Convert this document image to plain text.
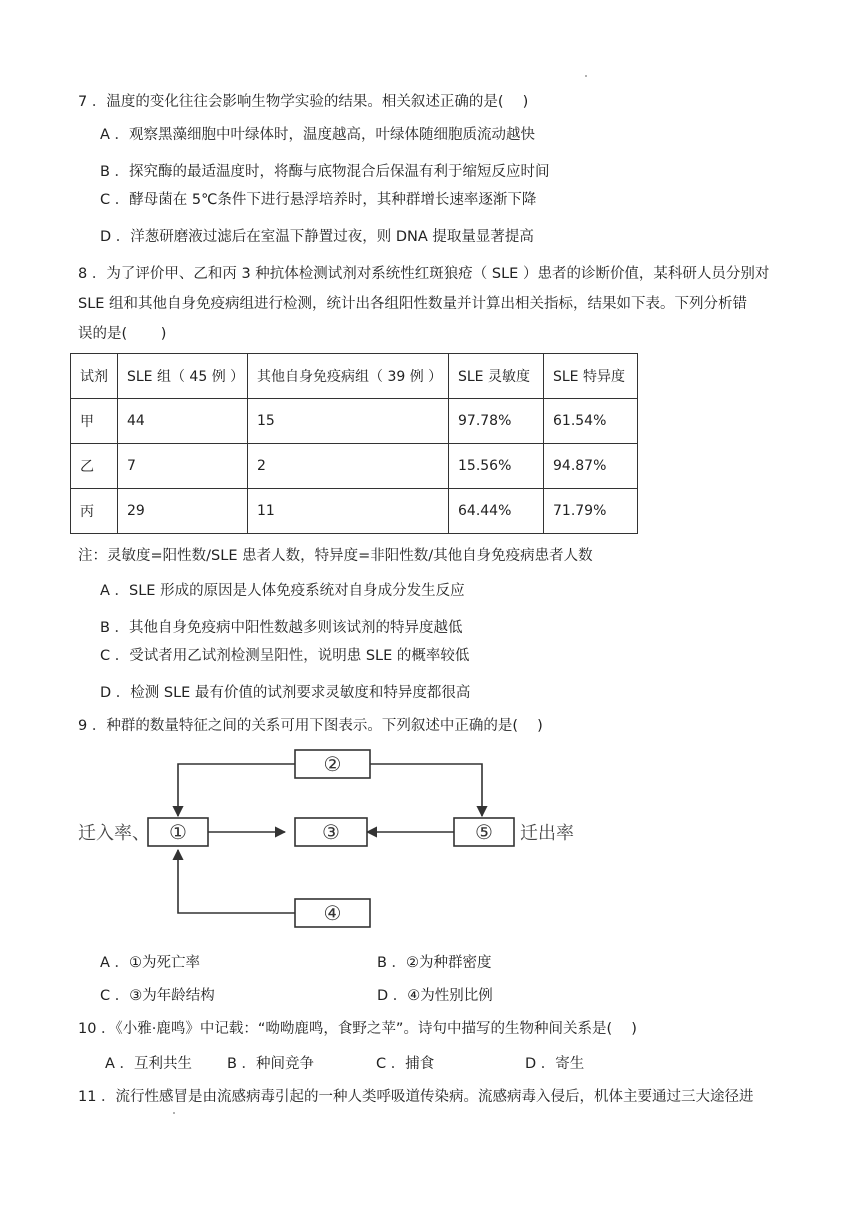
7 ．温度的变化往往会影响生物学实验的结果。相关叙述正确的是(　 )
A ．观察黑藻细胞中叶绿体时，温度越高，叶绿体随细胞质流动越快
B ．探究酶的最适温度时，将酶与底物混合后保温有利于缩短反应时间
C ．酵母菌在 5℃条件下进行悬浮培养时，其种群增长速率逐渐下降
D ．洋葱研磨液过滤后在室温下静置过夜，则 DNA 提取量显著提高
8 ．为了评价甲、乙和丙 3 种抗体检测试剂对系统性红斑狼疮（ SLE ）患者的诊断价值，某科研人员分别对
SLE 组和其他自身免疫病组进行检测，统计出各组阳性数量并计算出相关指标，结果如下表。下列分析错
误的是(　　 )
试剂	SLE 组（ 45 例 ）	其他自身免疫病组（ 39 例 ）	SLE 灵敏度	SLE 特异度
甲	44	15	97.78%	61.54%
乙	7	2	15.56%	94.87%
丙	29	11	64.44%	71.79%
注：灵敏度=阳性数/SLE 患者人数，特异度=非阳性数/其他自身免疫病患者人数
A ．SLE 形成的原因是人体免疫系统对自身成分发生反应
B ．其他自身免疫病中阳性数越多则该试剂的特异度越低
C ．受试者用乙试剂检测呈阳性，说明患 SLE 的概率较低
D ．检测 SLE 最有价值的试剂要求灵敏度和特异度都很高
9 ．种群的数量特征之间的关系可用下图表示。下列叙述中正确的是(　 )
②
①	③	⑤
④
迁入率、	迁出率
A ．①为死亡率	B ．②为种群密度
C ．③为年龄结构	D ．④为性别比例
10 ．《小雅·鹿鸣》中记载：“呦呦鹿鸣，食野之苹”。诗句中描写的生物种间关系是(　 )
A ．互利共生 B ．种间竞争	C ．捕食	D ．寄生
11 ．流行性感冒是由流感病毒引起的一种人类呼吸道传染病。流感病毒入侵后，机体主要通过三大途径进
